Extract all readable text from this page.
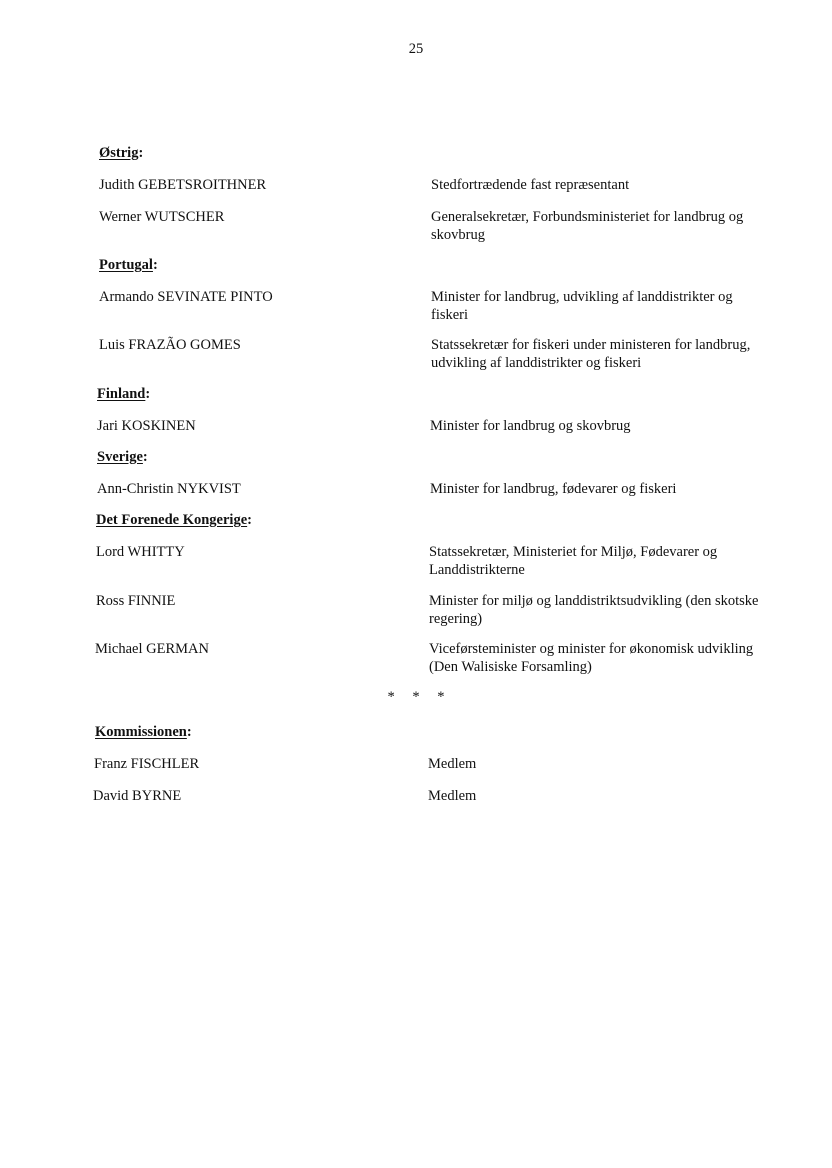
25
Østrig:
Judith GEBETSROITHNER	Stedfortrædende fast repræsentant
Werner WUTSCHER	Generalsekretær, Forbundsministeriet for landbrug og skovbrug
Portugal:
Armando SEVINATE PINTO	Minister for landbrug, udvikling af landdistrikter og fiskeri
Luis FRAZÃO GOMES	Statssekretær for fiskeri under ministeren for landbrug, udvikling af landdistrikter og fiskeri
Finland:
Jari KOSKINEN	Minister for landbrug og skovbrug
Sverige:
Ann-Christin NYKVIST	Minister for landbrug, fødevarer og fiskeri
Det Forenede Kongerige:
Lord WHITTY	Statssekretær, Ministeriet for Miljø, Fødevarer og Landdistrikterne
Ross FINNIE	Minister for miljø og landdistriktsudvikling (den skotske regering)
Michael GERMAN	Viceførsteminister og minister for økonomisk udvikling (Den Walisiske Forsamling)
* * *
Kommissionen:
Franz FISCHLER	Medlem
David BYRNE	Medlem
